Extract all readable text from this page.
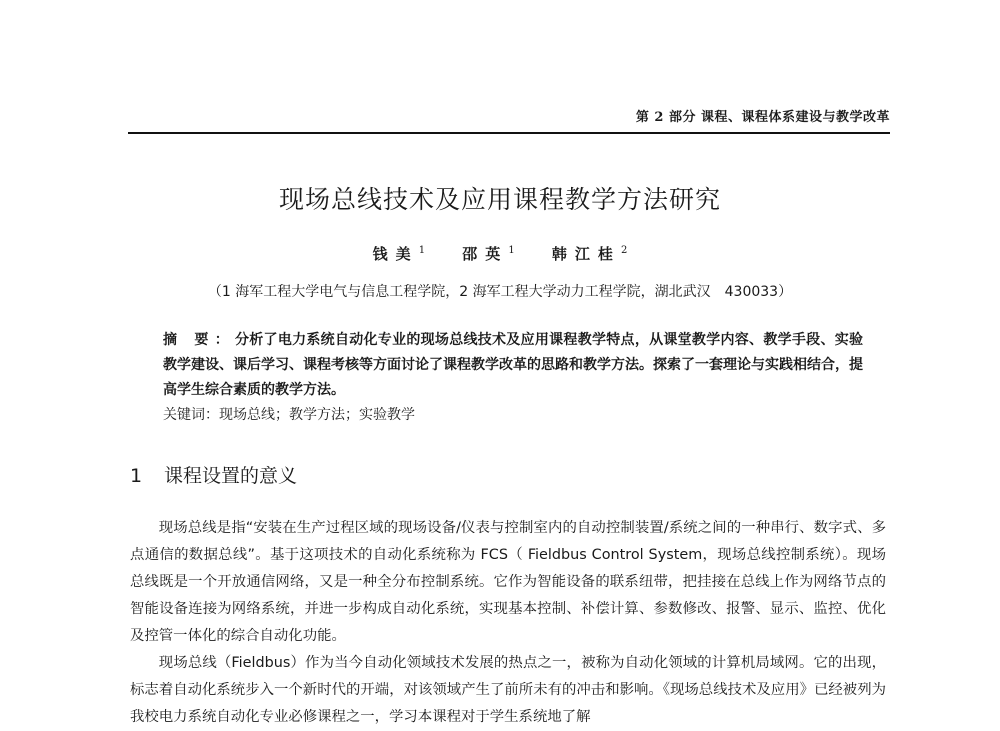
第 2 部分 课程、课程体系建设与教学改革
现场总线技术及应用课程教学方法研究
钱美$^1$ 邵英$^1$ 韩江桂$^2$
（1 海军工程大学电气与信息工程学院，2 海军工程大学动力工程学院，湖北武汉　430033）
摘 要：分析了电力系统自动化专业的现场总线技术及应用课程教学特点，从课堂教学内容、教学手段、实验教学建设、课后学习、课程考核等方面讨论了课程教学改革的思路和教学方法。探索了一套理论与实践相结合，提高学生综合素质的教学方法。
关键词：现场总线；教学方法；实验教学
1 课程设置的意义

现场总线是指“安装在生产过程区域的现场设备/仪表与控制室内的自动控制装置/系统之间的一种串行、数字式、多点通信的数据总线”。基于这项技术的自动化系统称为 FCS（ Fieldbus Control System，现场总线控制系统）。现场总线既是一个开放通信网络，又是一种全分布控制系统。它作为智能设备的联系纽带，把挂接在总线上作为网络节点的智能设备连接为网络系统，并进一步构成自动化系统，实现基本控制、补偿计算、参数修改、报警、显示、监控、优化及控管一体化的综合自动化功能。

现场总线（Fieldbus）作为当今自动化领域技术发展的热点之一，被称为自动化领域的计算机局域网。它的出现，标志着自动化系统步入一个新时代的开端，对该领域产生了前所未有的冲击和影响。《现场总线技术及应用》已经被列为我校电力系统自动化专业必修课程之一，学习本课程对于学生系统地了解
